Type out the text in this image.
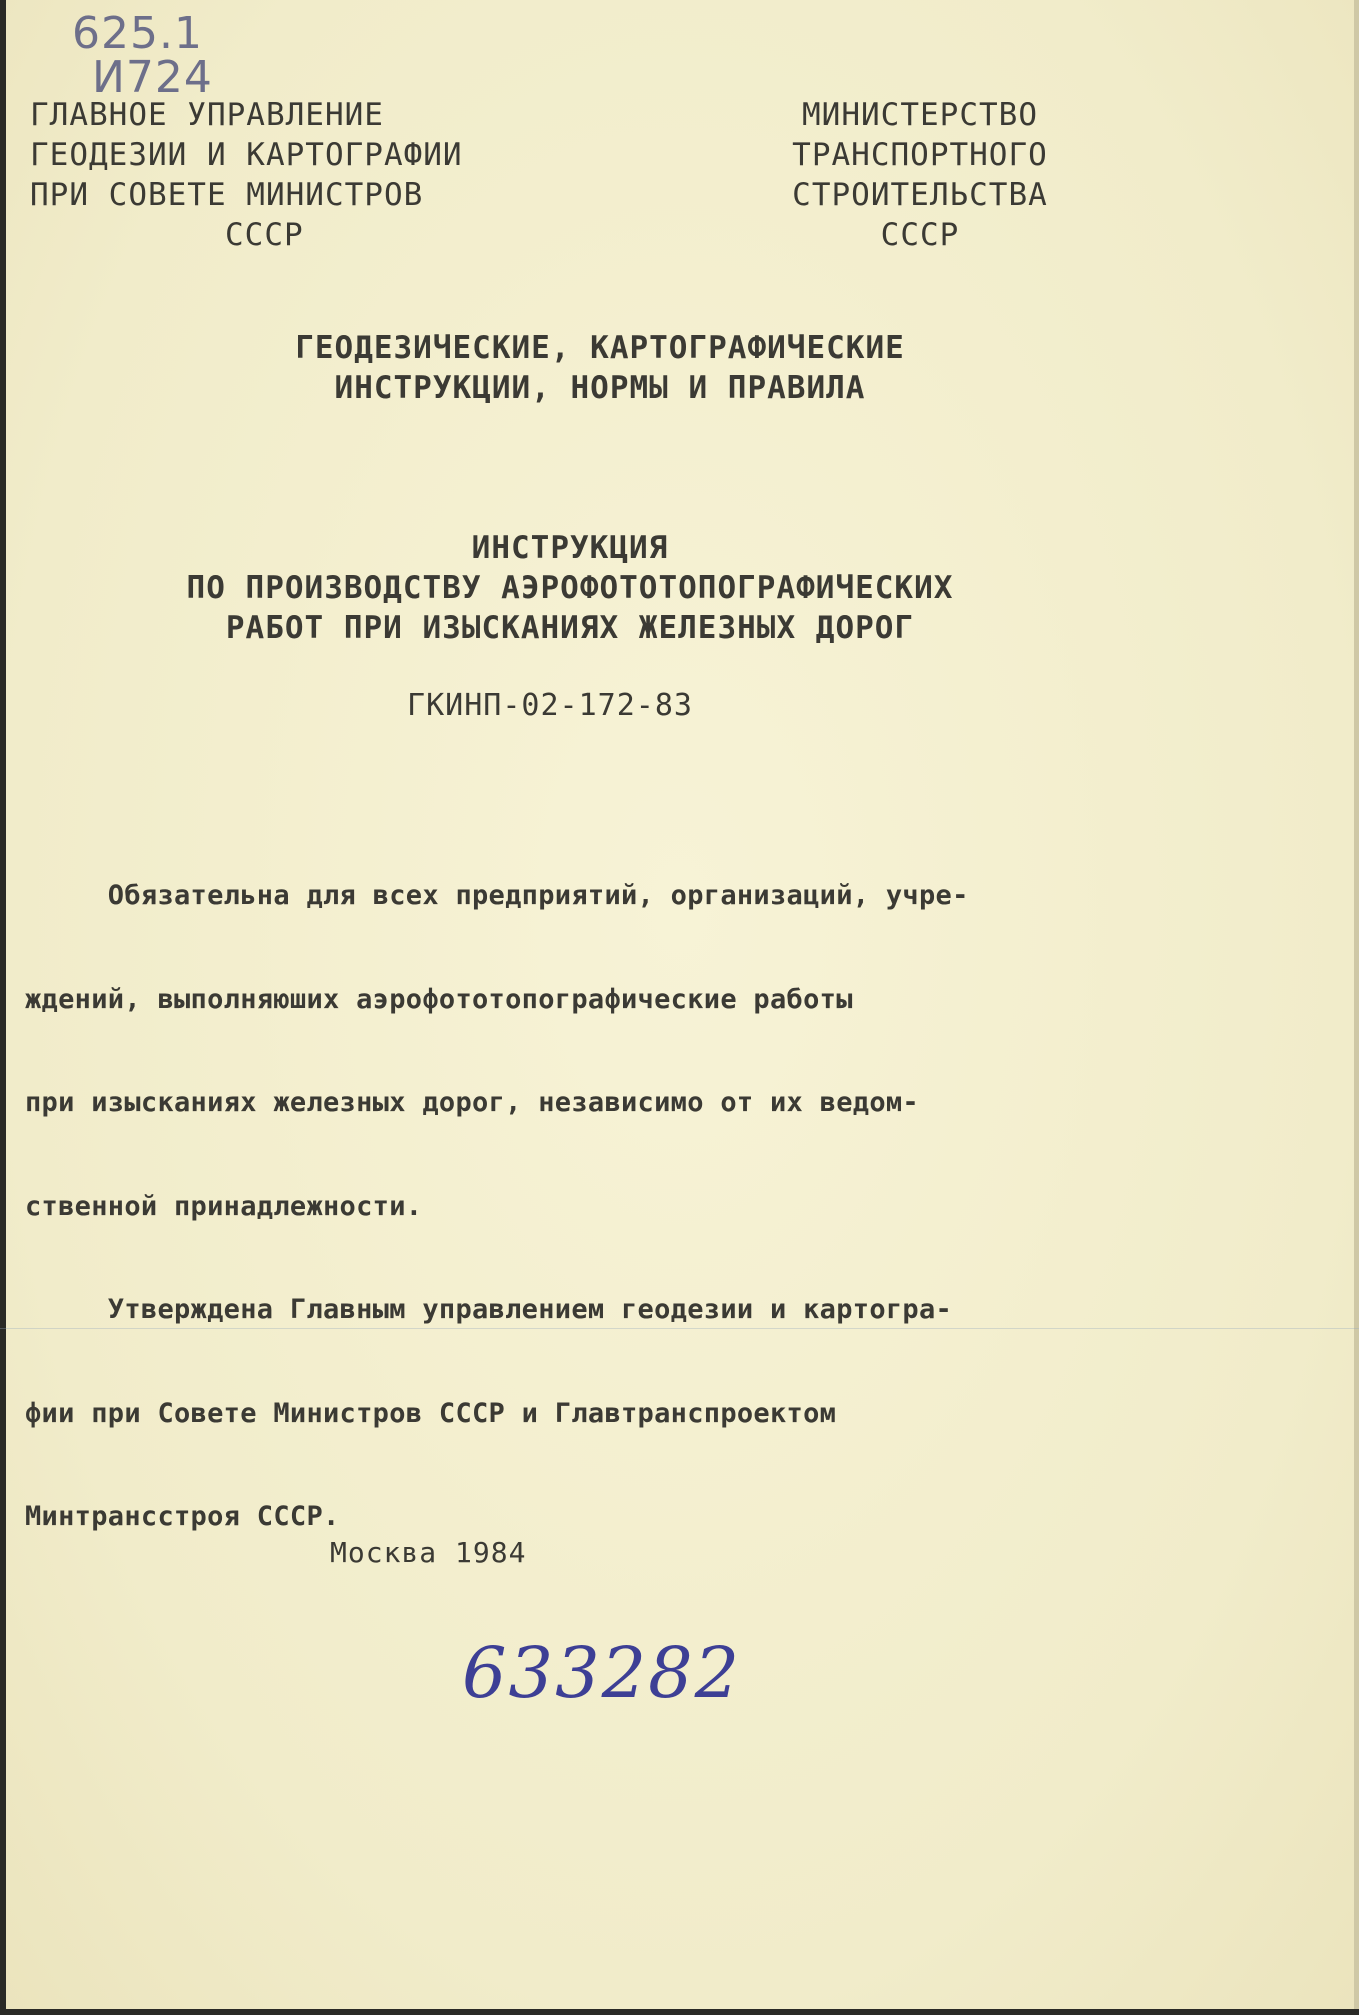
625.1
И724
ГЛАВНОЕ УПРАВЛЕНИЕ
ГЕОДЕЗИИ И КАРТОГРАФИИ
ПРИ СОВЕТЕ МИНИСТРОВ
СССР
МИНИСТЕРСТВО
ТРАНСПОРТНОГО
СТРОИТЕЛЬСТВА
СССР
ГЕОДЕЗИЧЕСКИЕ, КАРТОГРАФИЧЕСКИЕ
ИНСТРУКЦИИ, НОРМЫ И ПРАВИЛА
ИНСТРУКЦИЯ
ПО ПРОИЗВОДСТВУ АЭРОФОТОТОПОГРАФИЧЕСКИХ
РАБОТ ПРИ ИЗЫСКАНИЯХ ЖЕЛЕЗНЫХ ДОРОГ
ГКИНП-02-172-83

Обязательна для всех предприятий, организаций, учре-

ждений, выполняюших аэрофототопографические работы

при изысканиях железных дорог, независимо от их ведом-

ственной принадлежности.

Утверждена Главным управлением геодезии и картогра-

фии при Совете Министров СССР и Главтранспроектом

Минтрансстроя СССР.

Москва 1984
633282
